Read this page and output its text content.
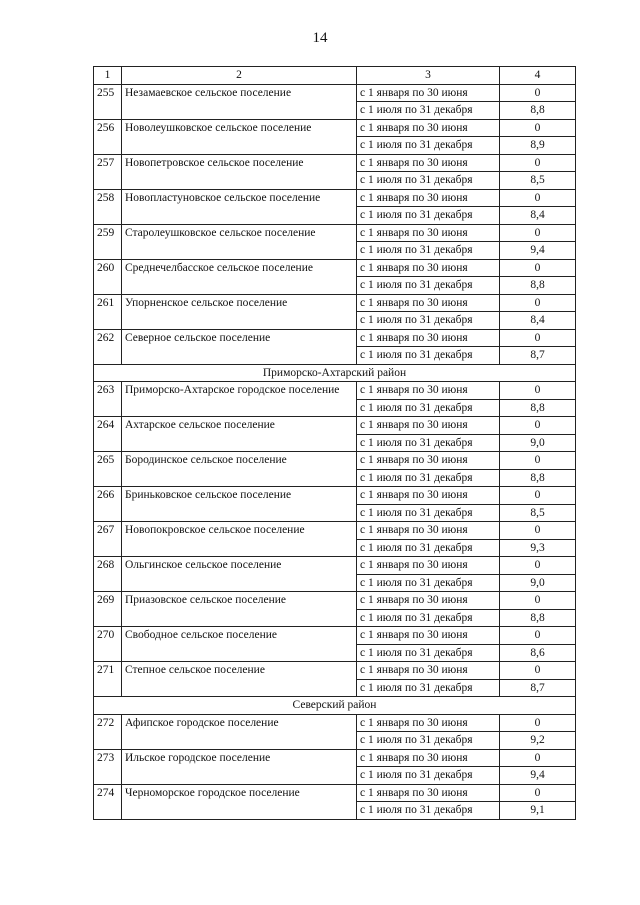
14
1	2	3	4
255	Незамаевское сельское поселение	с 1 января по 30 июня	0
		с 1 июля по 31 декабря	8,8
256	Новолеушковское сельское поселение	с 1 января по 30 июня	0
		с 1 июля по 31 декабря	8,9
257	Новопетровское сельское поселение	с 1 января по 30 июня	0
		с 1 июля по 31 декабря	8,5
258	Новопластуновское сельское поселение	с 1 января по 30 июня	0
		с 1 июля по 31 декабря	8,4
259	Старолеушковское сельское поселение	с 1 января по 30 июня	0
		с 1 июля по 31 декабря	9,4
260	Среднечелбасское сельское поселение	с 1 января по 30 июня	0
		с 1 июля по 31 декабря	8,8
261	Упорненское сельское поселение	с 1 января по 30 июня	0
		с 1 июля по 31 декабря	8,4
262	Северное сельское поселение	с 1 января по 30 июня	0
		с 1 июля по 31 декабря	8,7
Приморско-Ахтарский район			
263	Приморско-Ахтарское городское поселение	с 1 января по 30 июня	0
		с 1 июля по 31 декабря	8,8
264	Ахтарское сельское поселение	с 1 января по 30 июня	0
		с 1 июля по 31 декабря	9,0
265	Бородинское сельское поселение	с 1 января по 30 июня	0
		с 1 июля по 31 декабря	8,8
266	Бриньковское сельское поселение	с 1 января по 30 июня	0
		с 1 июля по 31 декабря	8,5
267	Новопокровское сельское поселение	с 1 января по 30 июня	0
		с 1 июля по 31 декабря	9,3
268	Ольгинское сельское поселение	с 1 января по 30 июня	0
		с 1 июля по 31 декабря	9,0
269	Приазовское сельское поселение	с 1 января по 30 июня	0
		с 1 июля по 31 декабря	8,8
270	Свободное сельское поселение	с 1 января по 30 июня	0
		с 1 июля по 31 декабря	8,6
271	Степное сельское поселение	с 1 января по 30 июня	0
		с 1 июля по 31 декабря	8,7
Северский район			
272	Афипское городское поселение	с 1 января по 30 июня	0
		с 1 июля по 31 декабря	9,2
273	Ильское городское поселение	с 1 января по 30 июня	0
		с 1 июля по 31 декабря	9,4
274	Черноморское городское поселение	с 1 января по 30 июня	0
		с 1 июля по 31 декабря	9,1
